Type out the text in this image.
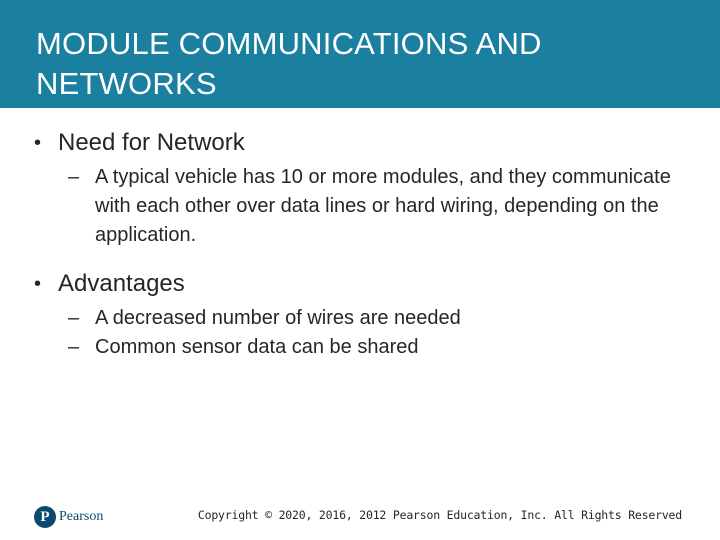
MODULE COMMUNICATIONS AND NETWORKS
• Need for Network
– A typical vehicle has 10 or more modules, and they communicate with each other over data lines or hard wiring, depending on the application.
• Advantages
– A decreased number of wires are needed
– Common sensor data can be shared
P Pearson	Copyright © 2020, 2016, 2012 Pearson Education, Inc. All Rights Reserved
